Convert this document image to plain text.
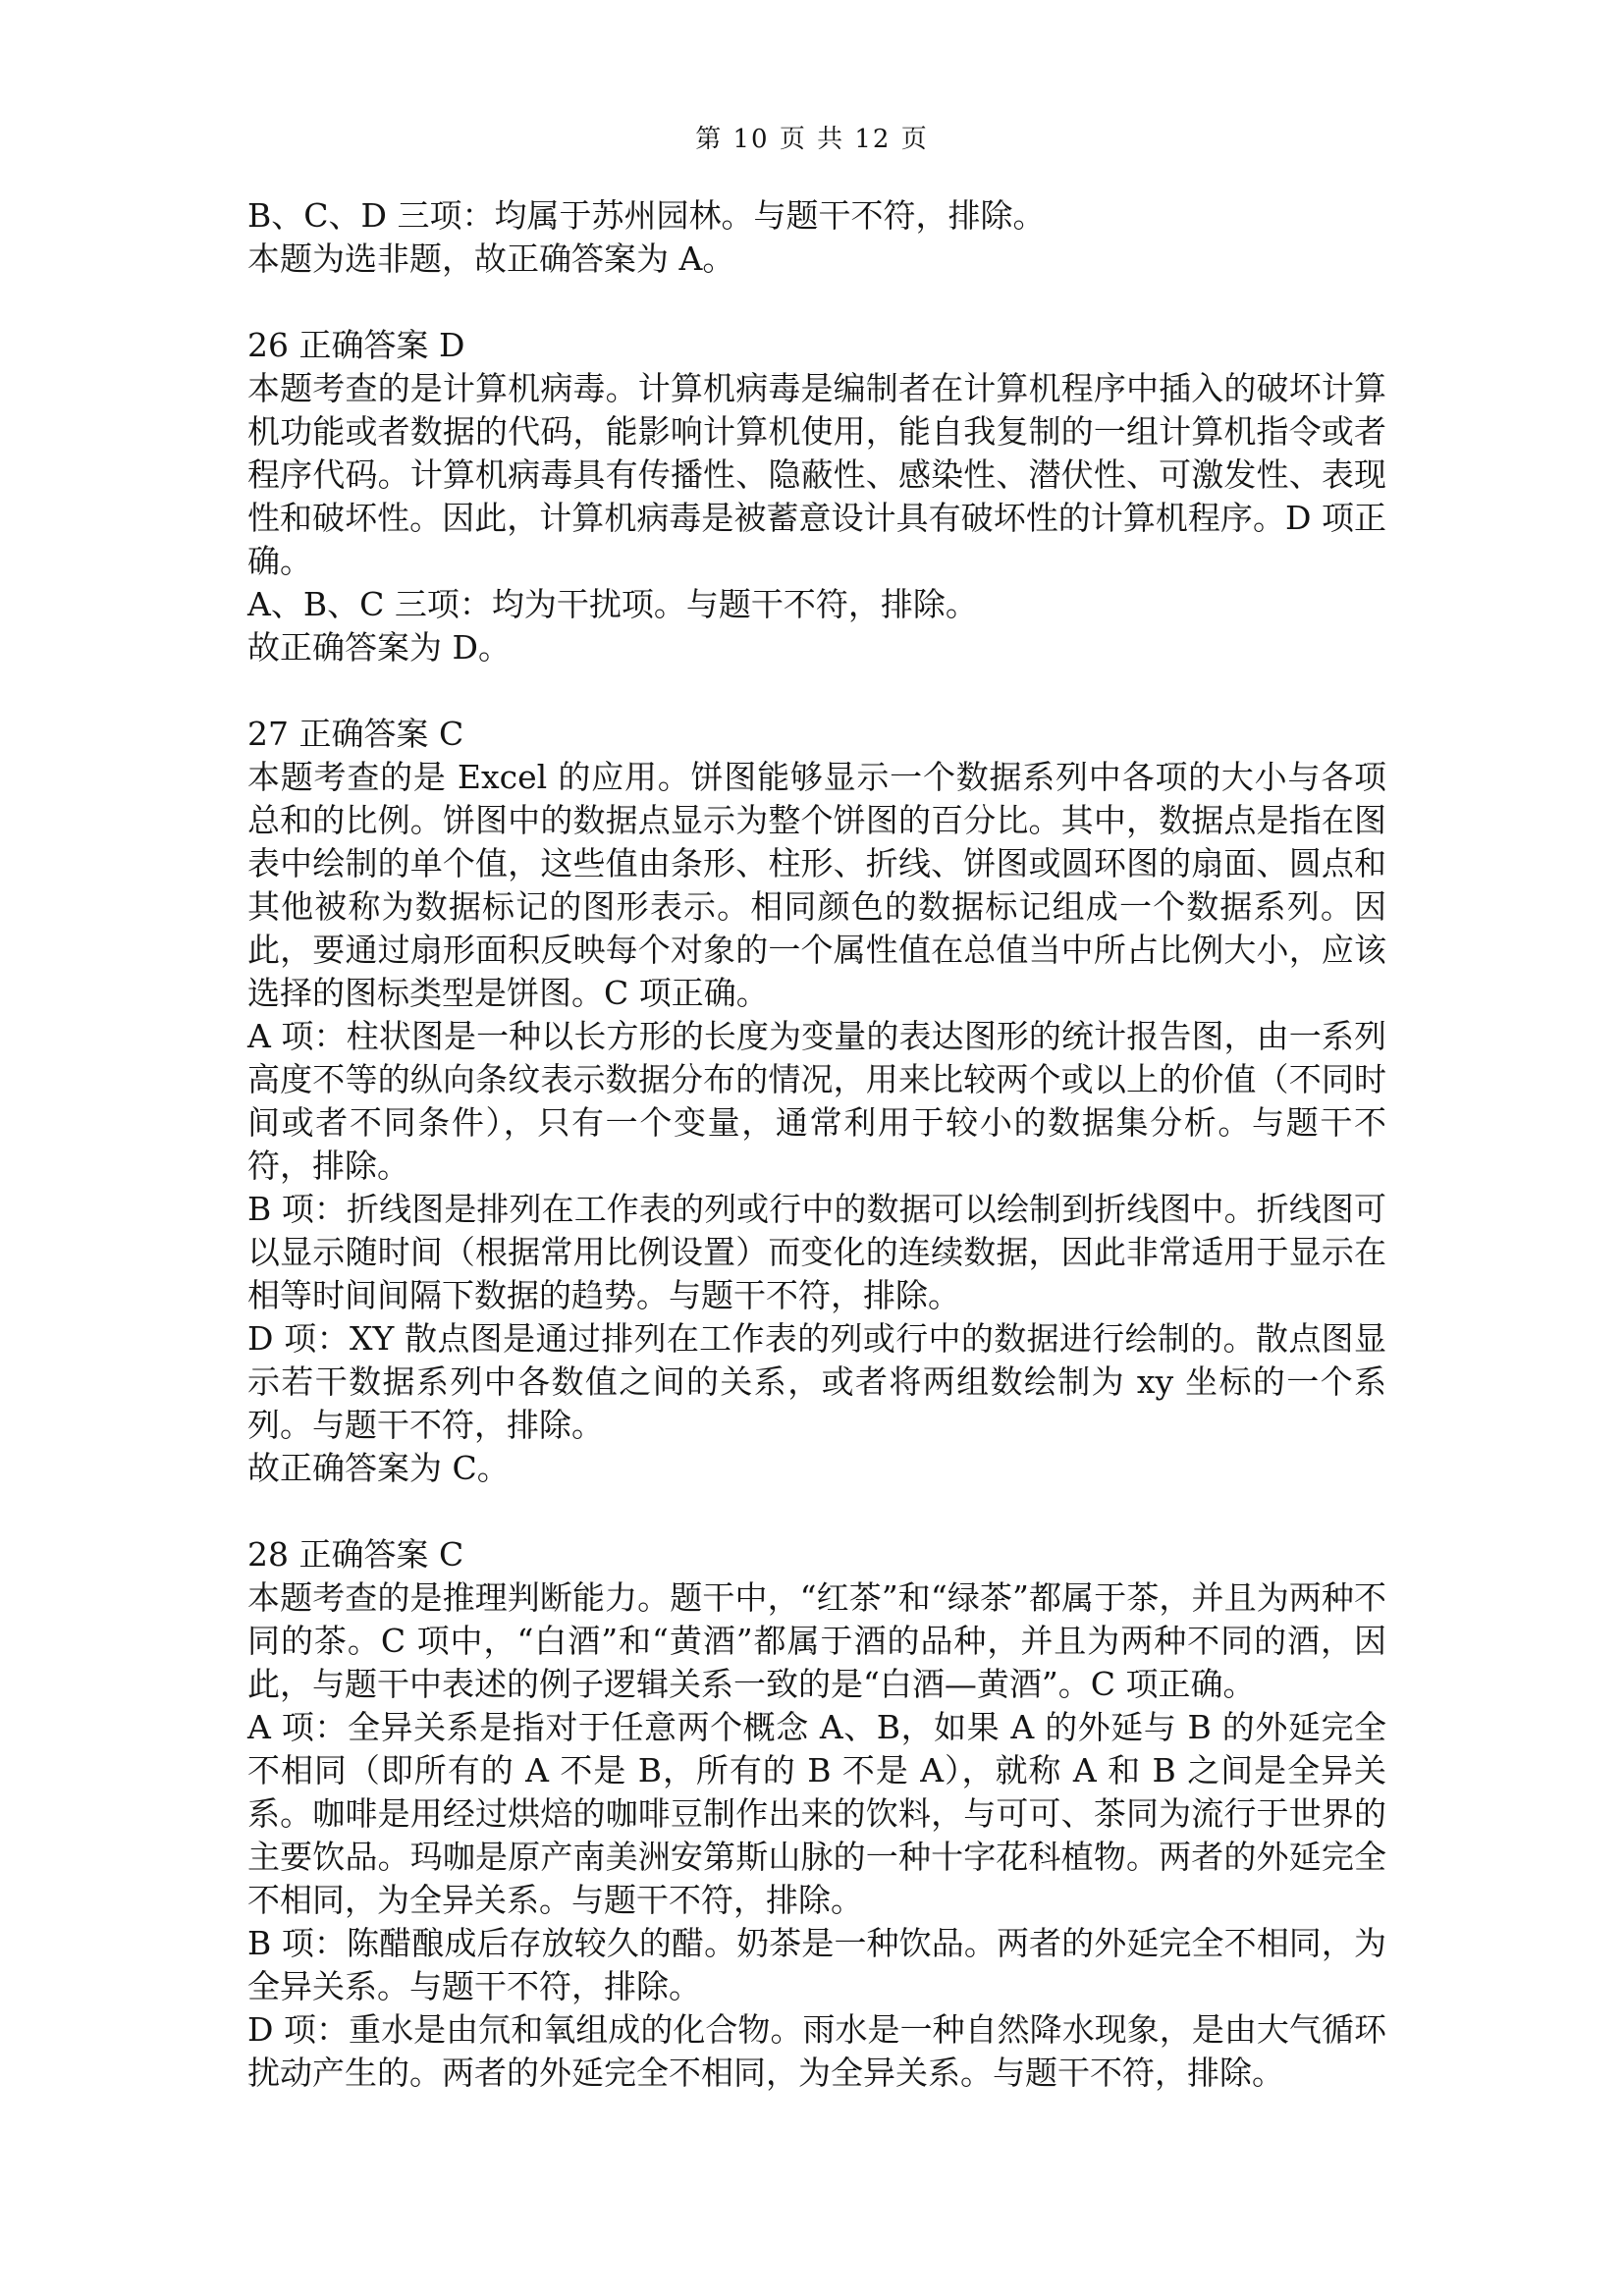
第 10 页 共 12 页

B、C、D 三项：均属于苏州园林。与题干不符，排除。

本题为选非题，故正确答案为 A。

26 正确答案 D

本题考查的是计算机病毒。计算机病毒是编制者在计算机程序中插入的破坏计算机功能或者数据的代码，能影响计算机使用，能自我复制的一组计算机指令或者程序代码。计算机病毒具有传播性、隐蔽性、感染性、潜伏性、可激发性、表现性和破坏性。因此，计算机病毒是被蓄意设计具有破坏性的计算机程序。D 项正确。

A、B、C 三项：均为干扰项。与题干不符，排除。

故正确答案为 D。

27 正确答案 C

本题考查的是 Excel 的应用。饼图能够显示一个数据系列中各项的大小与各项总和的比例。饼图中的数据点显示为整个饼图的百分比。其中，数据点是指在图表中绘制的单个值，这些值由条形、柱形、折线、饼图或圆环图的扇面、圆点和其他被称为数据标记的图形表示。相同颜色的数据标记组成一个数据系列。因此，要通过扇形面积反映每个对象的一个属性值在总值当中所占比例大小，应该选择的图标类型是饼图。C 项正确。

A 项：柱状图是一种以长方形的长度为变量的表达图形的统计报告图，由一系列高度不等的纵向条纹表示数据分布的情况，用来比较两个或以上的价值（不同时间或者不同条件），只有一个变量，通常利用于较小的数据集分析。与题干不符，排除。

B 项：折线图是排列在工作表的列或行中的数据可以绘制到折线图中。折线图可以显示随时间（根据常用比例设置）而变化的连续数据，因此非常适用于显示在相等时间间隔下数据的趋势。与题干不符，排除。

D 项：XY 散点图是通过排列在工作表的列或行中的数据进行绘制的。散点图显示若干数据系列中各数值之间的关系，或者将两组数绘制为 xy 坐标的一个系列。与题干不符，排除。

故正确答案为 C。

28 正确答案 C

本题考查的是推理判断能力。题干中，“红茶”和“绿茶”都属于茶，并且为两种不同的茶。C 项中，“白酒”和“黄酒”都属于酒的品种，并且为两种不同的酒，因此，与题干中表述的例子逻辑关系一致的是“白酒—黄酒”。C 项正确。

A 项：全异关系是指对于任意两个概念 A、B，如果 A 的外延与 B 的外延完全不相同（即所有的 A 不是 B，所有的 B 不是 A），就称 A 和 B 之间是全异关系。咖啡是用经过烘焙的咖啡豆制作出来的饮料，与可可、茶同为流行于世界的主要饮品。玛咖是原产南美洲安第斯山脉的一种十字花科植物。两者的外延完全不相同，为全异关系。与题干不符，排除。

B 项：陈醋酿成后存放较久的醋。奶茶是一种饮品。两者的外延完全不相同，为全异关系。与题干不符，排除。

D 项：重水是由氘和氧组成的化合物。雨水是一种自然降水现象，是由大气循环扰动产生的。两者的外延完全不相同，为全异关系。与题干不符，排除。
